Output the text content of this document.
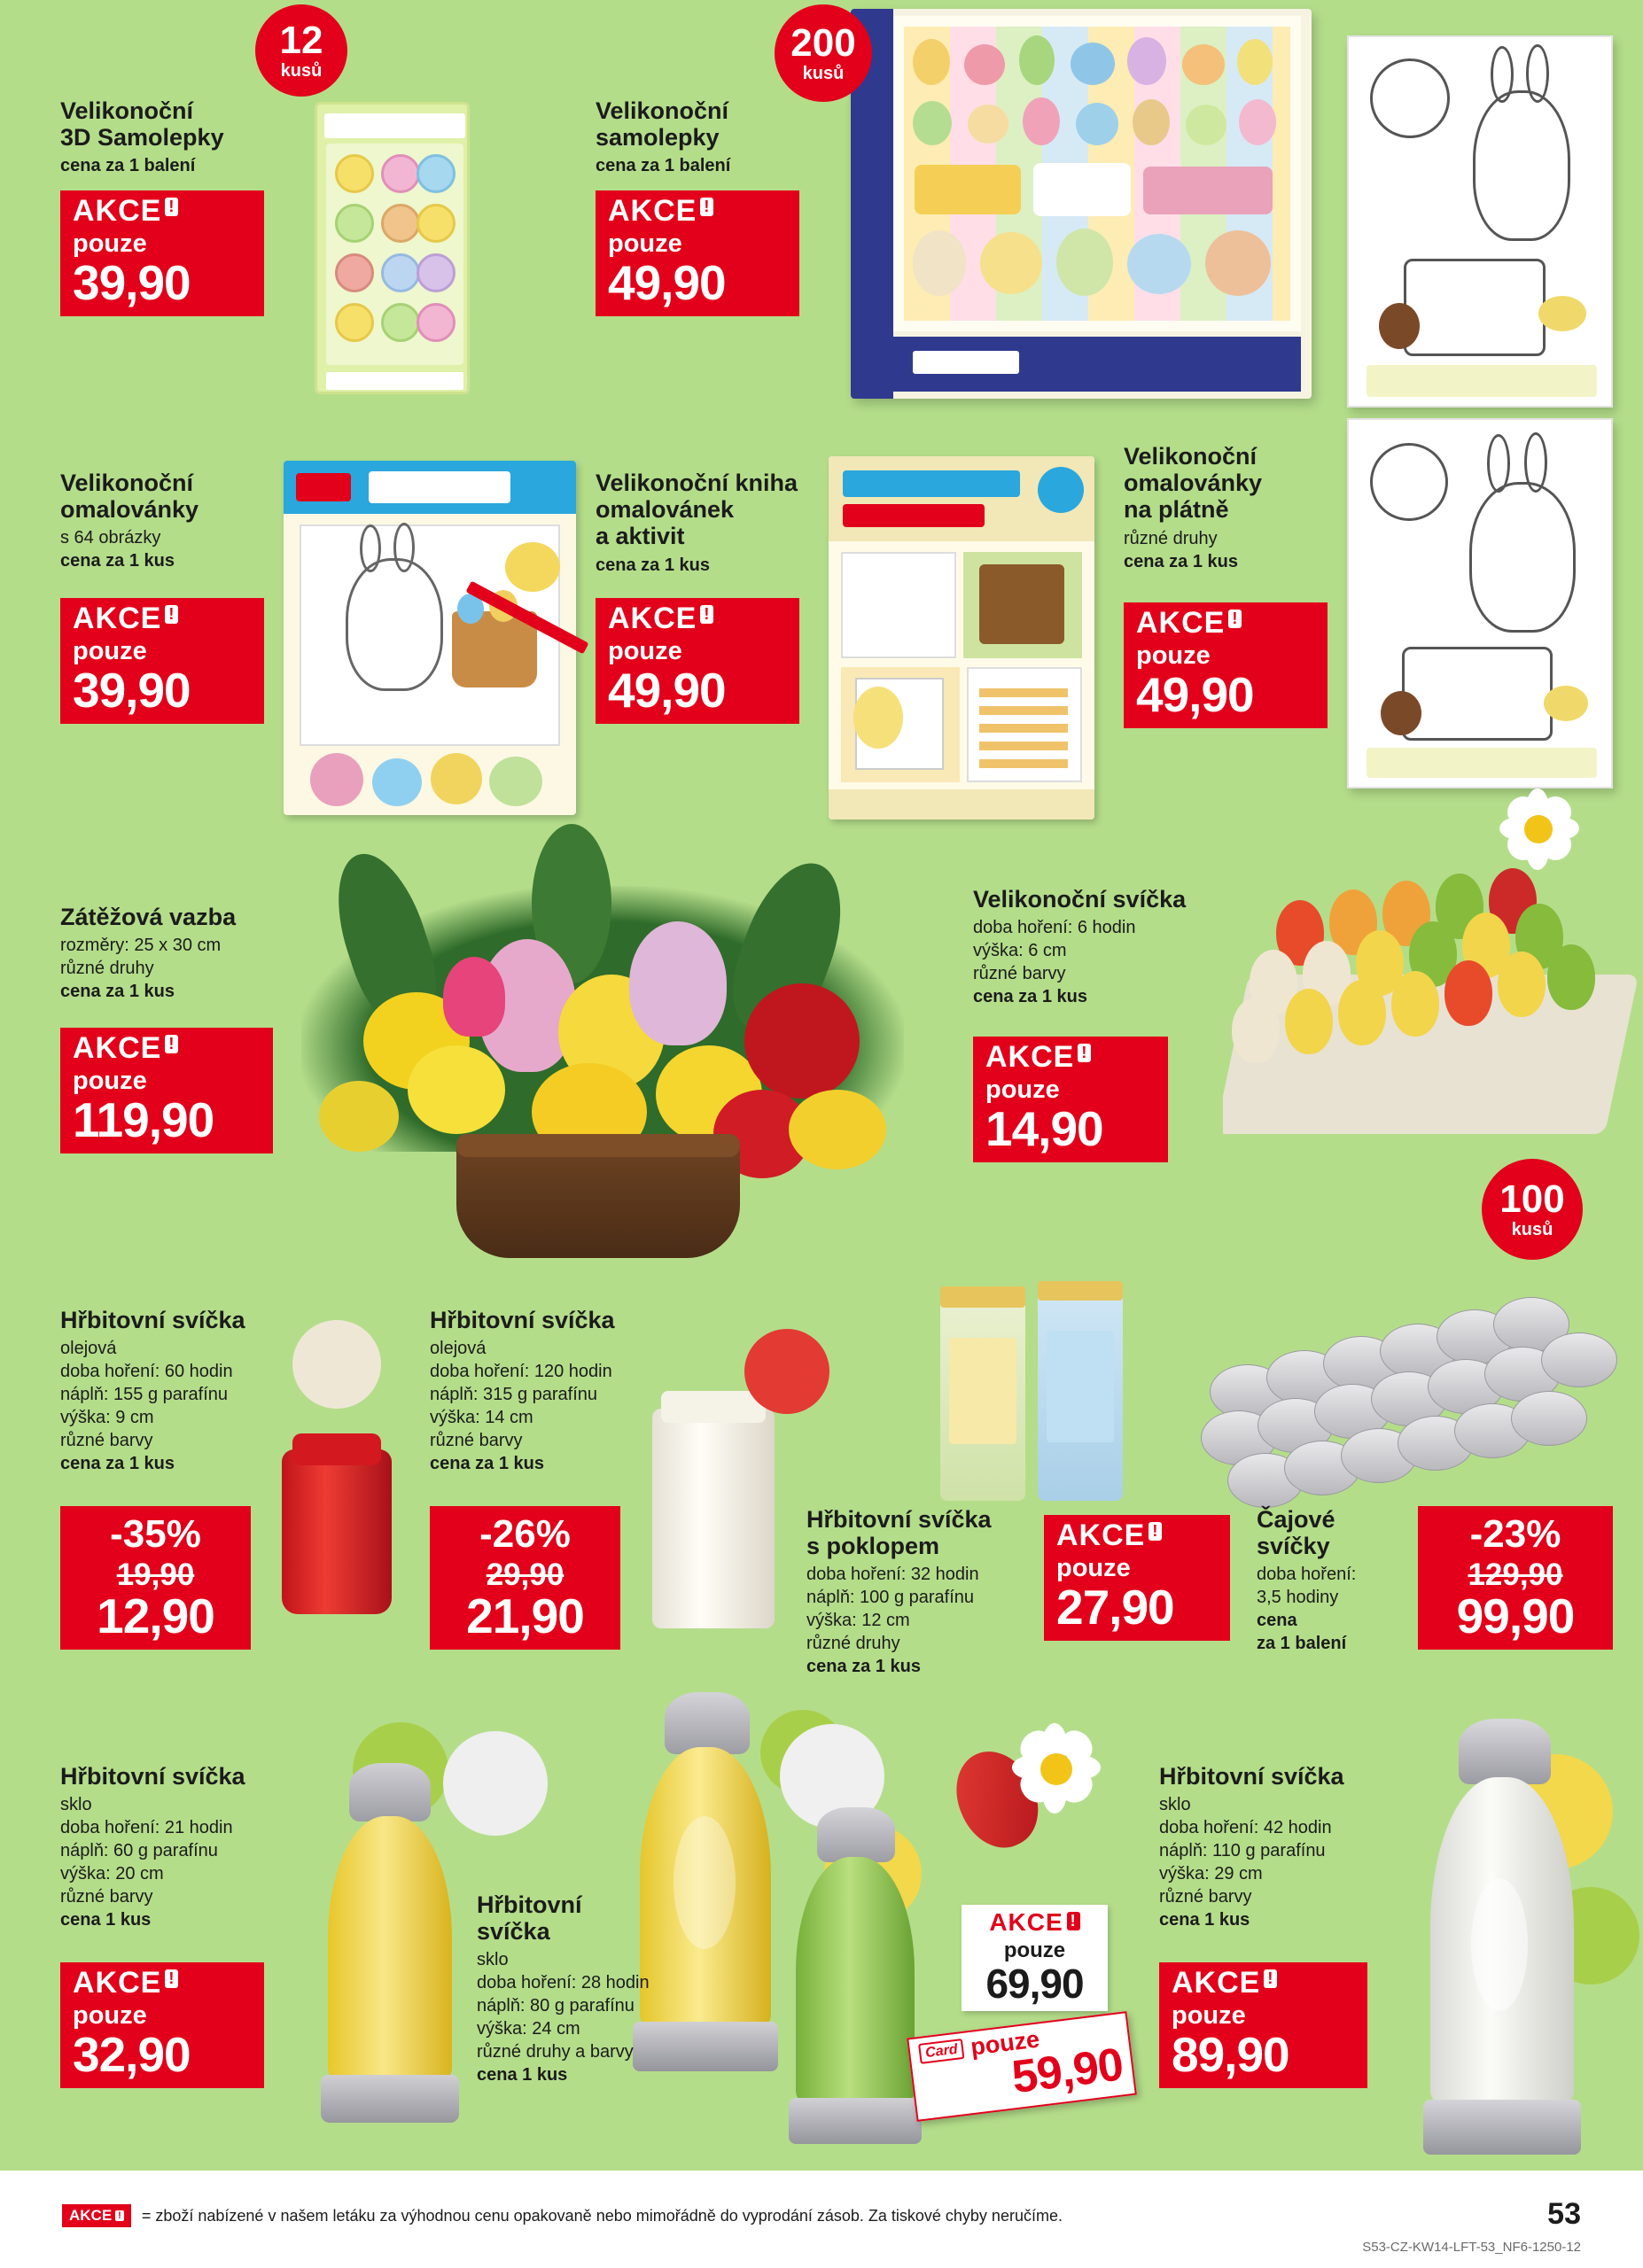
12
kusů
200
kusů
100
kusů
Velikonoční
3D Samolepky
cena za 1 balení
AKCE !
pouze
39,90
Velikonoční
samolepky
cena za 1 balení
AKCE !
pouze
49,90
Velikonoční
omalovánky
s 64 obrázky
cena za 1 kus
AKCE !
pouze
39,90
Velikonoční kniha
omalovánek
a aktivit
cena za 1 kus
AKCE !
pouze
49,90
Velikonoční
omalovánky
na plátně
různé druhy
cena za 1 kus
AKCE !
pouze
49,90
Zátěžová vazba
rozměry: 25 x 30 cm
různé druhy
cena za 1 kus
AKCE !
pouze
119,90
Velikonoční svíčka
doba hoření: 6 hodin
výška: 6 cm
různé barvy
cena za 1 kus
AKCE !
pouze
14,90
Hřbitovní svíčka
olejová
doba hoření: 60 hodin
náplň: 155 g parafínu
výška: 9 cm
různé barvy
cena za 1 kus
-35%
19,90
12,90
Hřbitovní svíčka
olejová
doba hoření: 120 hodin
náplň: 315 g parafínu
výška: 14 cm
různé barvy
cena za 1 kus
-26%
29,90
21,90
Hřbitovní svíčka
s poklopem
doba hoření: 32 hodin
náplň: 100 g parafínu
výška: 12 cm
různé druhy
cena za 1 kus
AKCE !
pouze
27,90
Čajové
svíčky
doba hoření:
3,5 hodiny
cena
za 1 balení
-23%
129,90
99,90
Hřbitovní svíčka
sklo
doba hoření: 21 hodin
náplň: 60 g parafínu
výška: 20 cm
různé barvy
cena 1 kus
AKCE !
pouze
32,90
Hřbitovní
svíčka
sklo
doba hoření: 28 hodin
náplň: 80 g parafínu
výška: 24 cm
různé druhy a barvy
cena 1 kus
AKCE !
pouze
69,90
Card pouze
59,90
Hřbitovní svíčka
sklo
doba hoření: 42 hodin
náplň: 110 g parafínu
výška: 29 cm
různé barvy
cena 1 kus
AKCE !
pouze
89,90
AKCE ! = zboží nabízené v našem letáku za výhodnou cenu opakovaně nebo mimořádně do vyprodání zásob. Za tiskové chyby neručíme.	53
S53-CZ-KW14-LFT-53_NF6-1250-12
